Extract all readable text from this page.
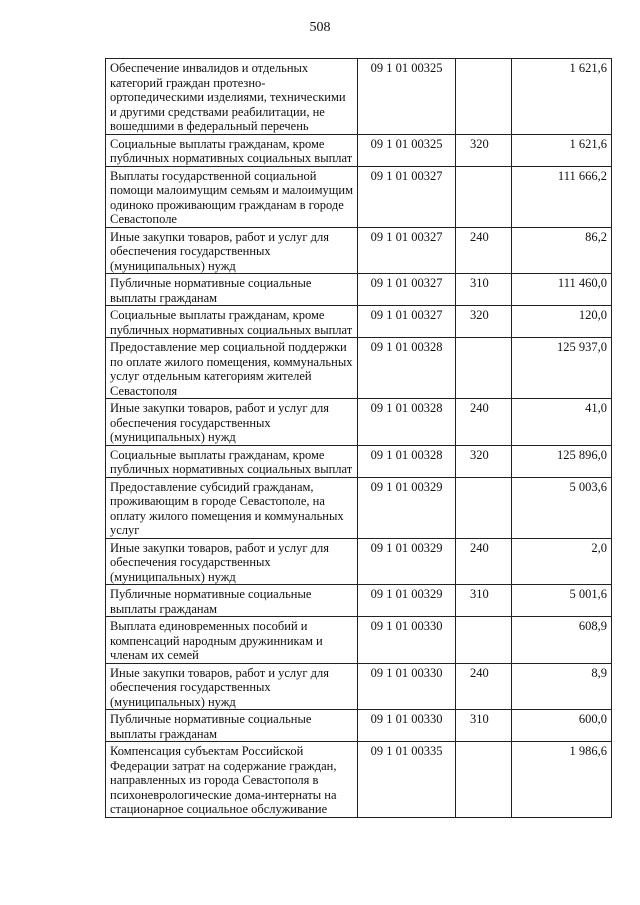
508
Обеспечение инвалидов и отдельных категорий граждан протезно-ортопедическими изделиями, техническими и другими средствами реабилитации, не вошедшими в федеральный перечень	09 1 01 00325		1 621,6
Социальные выплаты гражданам, кроме публичных нормативных социальных выплат	09 1 01 00325	320	1 621,6
Выплаты государственной социальной помощи малоимущим семьям и малоимущим одиноко проживающим гражданам в городе Севастополе	09 1 01 00327		111 666,2
Иные закупки товаров, работ и услуг для обеспечения государственных (муниципальных) нужд	09 1 01 00327	240	86,2
Публичные нормативные социальные выплаты гражданам	09 1 01 00327	310	111 460,0
Социальные выплаты гражданам, кроме публичных нормативных социальных выплат	09 1 01 00327	320	120,0
Предоставление мер социальной поддержки по оплате жилого помещения, коммунальных услуг отдельным категориям жителей Севастополя	09 1 01 00328		125 937,0
Иные закупки товаров, работ и услуг для обеспечения государственных (муниципальных) нужд	09 1 01 00328	240	41,0
Социальные выплаты гражданам, кроме публичных нормативных социальных выплат	09 1 01 00328	320	125 896,0
Предоставление субсидий гражданам, проживающим в городе Севастополе, на оплату жилого помещения и коммунальных услуг	09 1 01 00329		5 003,6
Иные закупки товаров, работ и услуг для обеспечения государственных (муниципальных) нужд	09 1 01 00329	240	2,0
Публичные нормативные социальные выплаты гражданам	09 1 01 00329	310	5 001,6
Выплата единовременных пособий и компенсаций народным дружинникам и членам их семей	09 1 01 00330		608,9
Иные закупки товаров, работ и услуг для обеспечения государственных (муниципальных) нужд	09 1 01 00330	240	8,9
Публичные нормативные социальные выплаты гражданам	09 1 01 00330	310	600,0
Компенсация субъектам Российской Федерации затрат на содержание граждан, направленных из города Севастополя в психоневрологические дома-интернаты на стационарное социальное обслуживание	09 1 01 00335		1 986,6
